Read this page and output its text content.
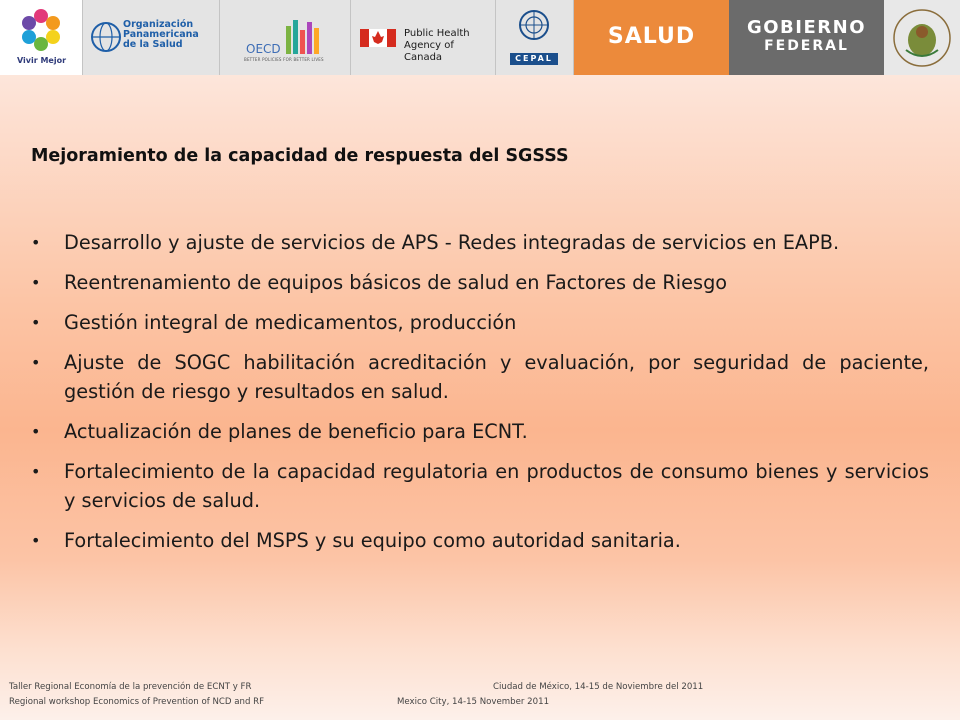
Vivir Mejor
Organización
Panamericana
de la Salud	OECD
BETTER POLICIES FOR BETTER LIVES
Public Health
Agency of Canada	CEPAL
SALUD	GOBIERNO
FEDERAL
Mejoramiento de la capacidad de respuesta del SGSSS
• Desarrollo y ajuste de servicios de APS - Redes integradas de servicios en EAPB.
• Reentrenamiento de equipos básicos de salud en Factores de Riesgo
• Gestión integral de medicamentos, producción
• Ajuste de SOGC habilitación acreditación y evaluación, por seguridad de paciente, gestión de riesgo y resultados en salud.
• Actualización de planes de beneficio para ECNT.
• Fortalecimiento de la capacidad regulatoria en productos de consumo bienes y servicios y servicios de salud.
• Fortalecimiento del MSPS y su equipo como autoridad sanitaria.
Taller Regional Economía de la prevención de ECNT y FR	Ciudad de México, 14-15 de Noviembre del 2011
Regional workshop Economics of Prevention of NCD and RF	Mexico City, 14-15 November 2011
